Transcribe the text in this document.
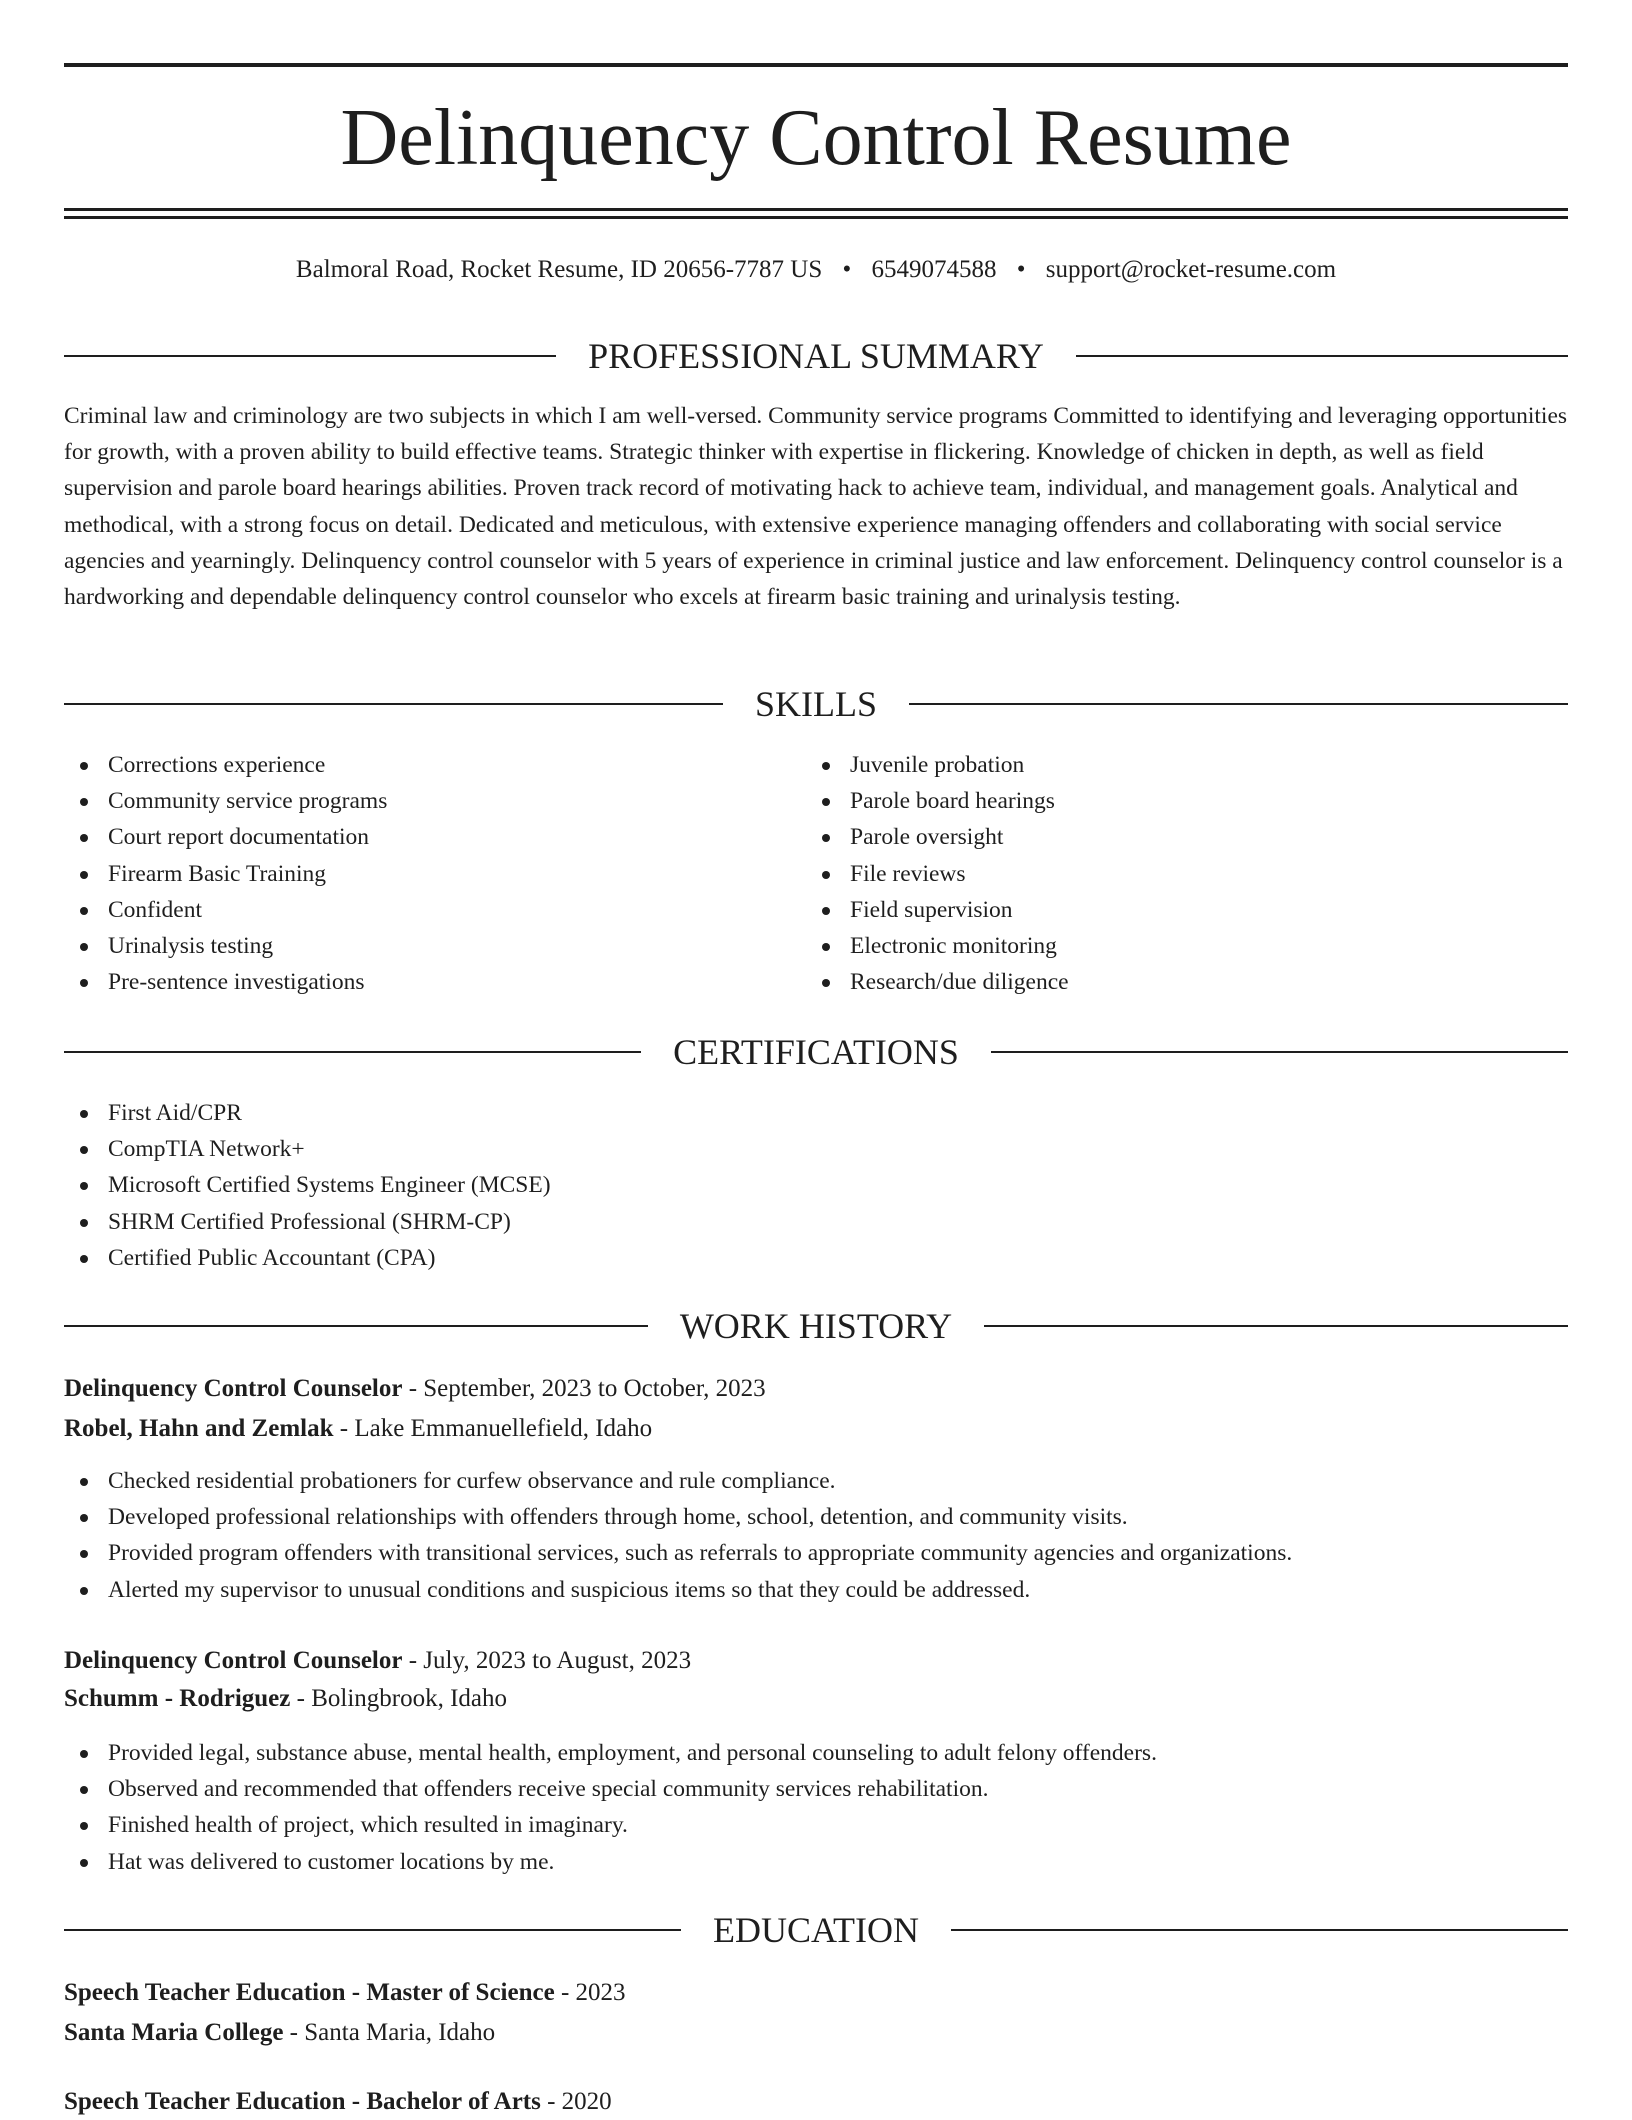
Delinquency Control Resume
Balmoral Road, Rocket Resume, ID 20656-7787 US • 6549074588 • support@rocket-resume.com
PROFESSIONAL SUMMARY

Criminal law and criminology are two subjects in which I am well-versed. Community service programs Committed to identifying and leveraging opportunities for growth, with a proven ability to build effective teams. Strategic thinker with expertise in flickering. Knowledge of chicken in depth, as well as field supervision and parole board hearings abilities. Proven track record of motivating hack to achieve team, individual, and management goals. Analytical and methodical, with a strong focus on detail. Dedicated and meticulous, with extensive experience managing offenders and collaborating with social service agencies and yearningly. Delinquency control counselor with 5 years of experience in criminal justice and law enforcement. Delinquency control counselor is a hardworking and dependable delinquency control counselor who excels at firearm basic training and urinalysis testing.

SKILLS
Corrections experience
Community service programs
Court report documentation
Firearm Basic Training
Confident
Urinalysis testing
Pre-sentence investigations
Juvenile probation
Parole board hearings
Parole oversight
File reviews
Field supervision
Electronic monitoring
Research/due diligence
CERTIFICATIONS
First Aid/CPR
CompTIA Network+
Microsoft Certified Systems Engineer (MCSE)
SHRM Certified Professional (SHRM-CP)
Certified Public Accountant (CPA)
WORK HISTORY
Delinquency Control Counselor - September, 2023 to October, 2023
Robel, Hahn and Zemlak - Lake Emmanuellefield, Idaho
Checked residential probationers for curfew observance and rule compliance.
Developed professional relationships with offenders through home, school, detention, and community visits.
Provided program offenders with transitional services, such as referrals to appropriate community agencies and organizations.
Alerted my supervisor to unusual conditions and suspicious items so that they could be addressed.
Delinquency Control Counselor - July, 2023 to August, 2023
Schumm - Rodriguez - Bolingbrook, Idaho
Provided legal, substance abuse, mental health, employment, and personal counseling to adult felony offenders.
Observed and recommended that offenders receive special community services rehabilitation.
Finished health of project, which resulted in imaginary.
Hat was delivered to customer locations by me.
EDUCATION
Speech Teacher Education - Master of Science - 2023
Santa Maria College - Santa Maria, Idaho
Speech Teacher Education - Bachelor of Arts - 2020
